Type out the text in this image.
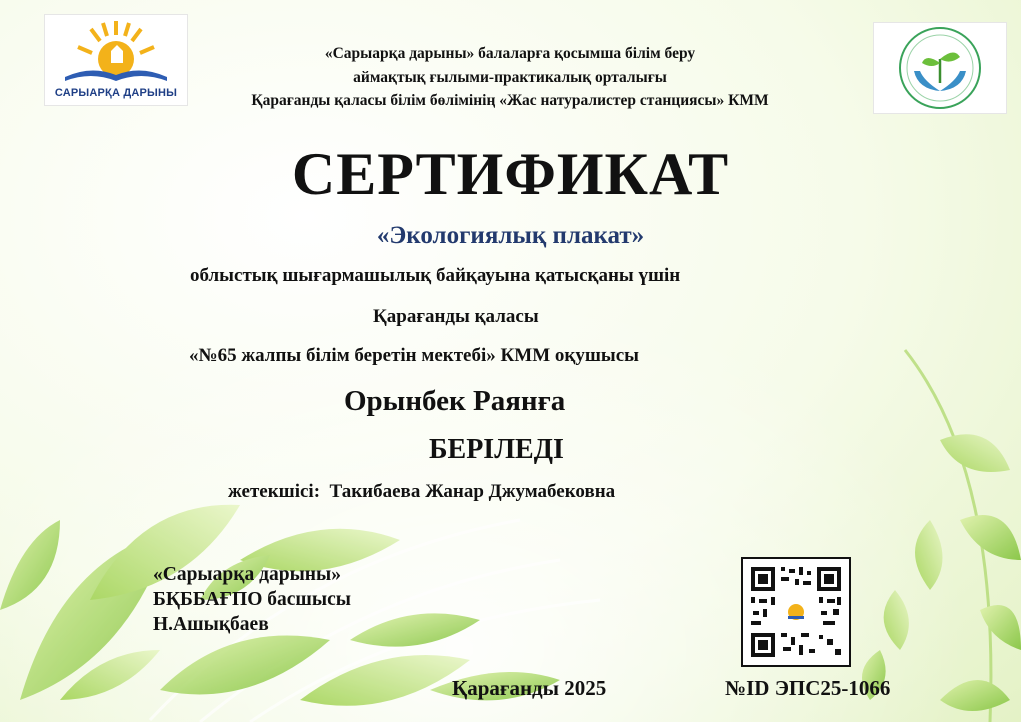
САРЫАРҚА ДАРЫНЫ
«Сарыарқа дарыны» балаларға қосымша білім беру
аймақтық ғылыми-практикалық орталығы
Қарағанды қаласы білім бөлімінің «Жас натуралистер станциясы» КММ
СЕРТИФИКАТ
«Экологиялық плакат»
облыстық шығармашылық байқауына қатысқаны үшін
Қарағанды қаласы
«№65 жалпы білім беретін мектебі» КММ оқушысы
Орынбек Раянға
БЕРІЛЕДІ
жетекшісі: Такибаева Жанар Джумабековна
«Сарыарқа дарыны»
БҚББАҒПО басшысы
Н.Ашықбаев
Қарағанды 2025	№ID ЭПС25-1066
